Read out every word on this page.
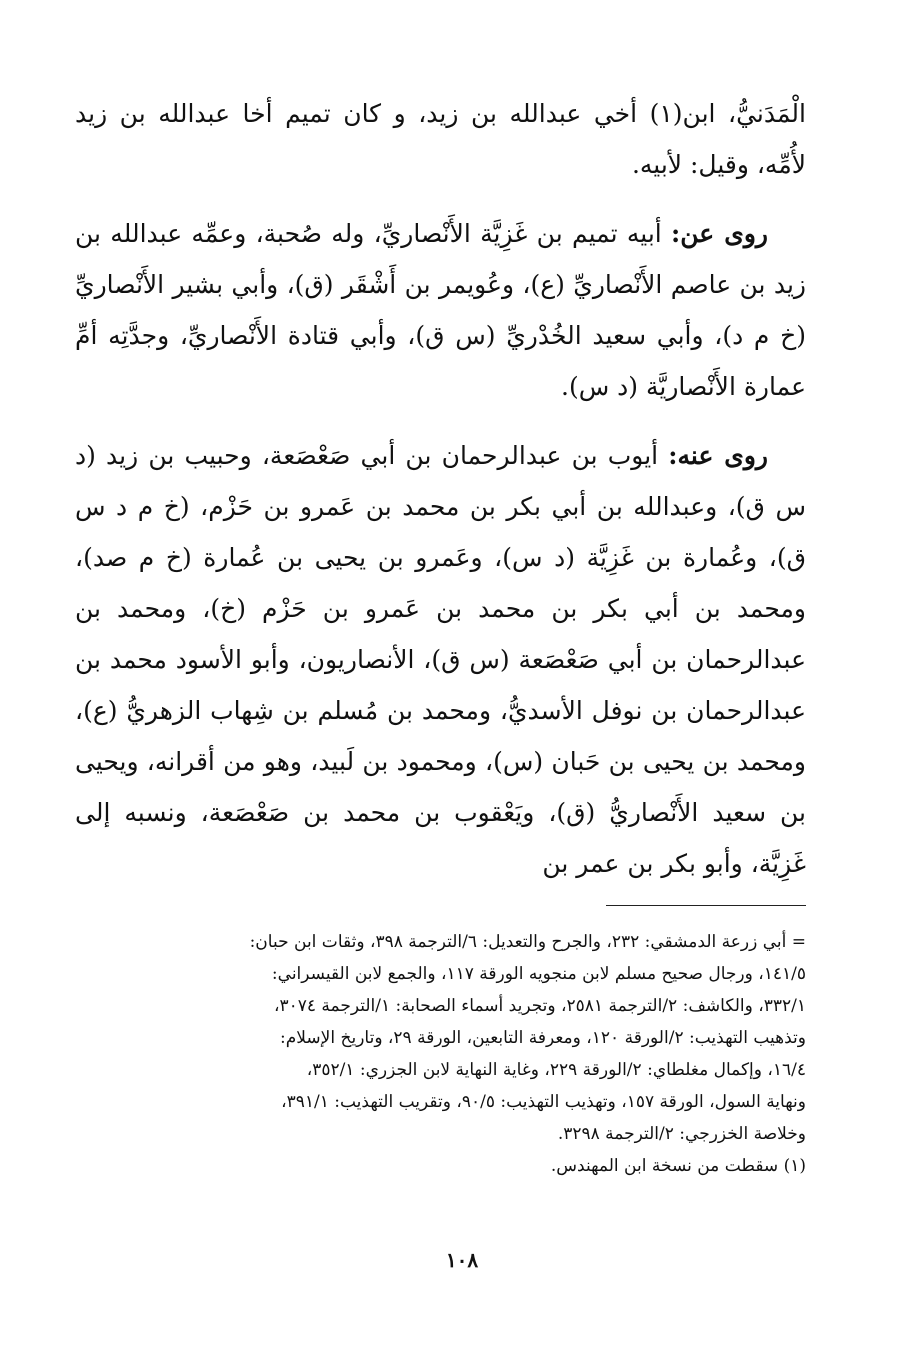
الْمَدَنيُّ، ابن(١) أخي عبدالله بن زيد، و كان تميم أخا عبدالله بن زيد لأُمِّه، وقيل: لأبيه.

روى عن: أبيه تميم بن غَزِيَّة الأَنْصاريِّ، وله صُحبة، وعمِّه عبدالله بن زيد بن عاصم الأَنْصاريِّ (ع)، وعُويمر بن أَشْقَر (ق)، وأبي بشير الأَنْصاريِّ (خ م د)، وأبي سعيد الخُدْريِّ (س ق)، وأبي قتادة الأَنْصاريِّ، وجدَّتِه أمِّ عمارة الأَنْصاريَّة (د س).

روى عنه: أيوب بن عبدالرحمان بن أبي صَعْصَعة، وحبيب بن زيد (د س ق)، وعبدالله بن أبي بكر بن محمد بن عَمرو بن حَزْم، (خ م د س ق)، وعُمارة بن غَزِيَّة (د س)، وعَمرو بن يحيى بن عُمارة (خ م صد)، ومحمد بن أبي بكر بن محمد بن عَمرو بن حَزْم (خ)، ومحمد بن عبدالرحمان بن أبي صَعْصَعة (س ق)، الأنصاريون، وأبو الأسود محمد بن عبدالرحمان بن نوفل الأسديُّ، ومحمد بن مُسلم بن شِهاب الزهريُّ (ع)، ومحمد بن يحيى بن حَبان (س)، ومحمود بن لَبيد، وهو من أقرانه، ويحيى بن سعيد الأَنْصاريُّ (ق)، ويَعْقوب بن محمد بن صَعْصَعة، ونسبه إلى غَزِيَّة، وأبو بكر بن عمر بن

= أبي زرعة الدمشقي: ٢٣٢، والجرح والتعديل: ٦/الترجمة ٣٩٨، وثقات ابن حبان:

١٤١/٥، ورجال صحيح مسلم لابن منجويه الورقة ١١٧، والجمع لابن القيسراني:

٣٣٢/١، والكاشف: ٢/الترجمة ٢٥٨١، وتجريد أسماء الصحابة: ١/الترجمة ٣٠٧٤،

وتذهيب التهذيب: ٢/الورقة ١٢٠، ومعرفة التابعين، الورقة ٢٩، وتاريخ الإسلام:

١٦/٤، وإكمال مغلطاي: ٢/الورقة ٢٢٩، وغاية النهاية لابن الجزري: ٣٥٢/١،

ونهاية السول، الورقة ١٥٧، وتهذيب التهذيب: ٩٠/٥، وتقريب التهذيب: ٣٩١/١،

وخلاصة الخزرجي: ٢/الترجمة ٣٢٩٨.

(١) سقطت من نسخة ابن المهندس.

١٠٨
